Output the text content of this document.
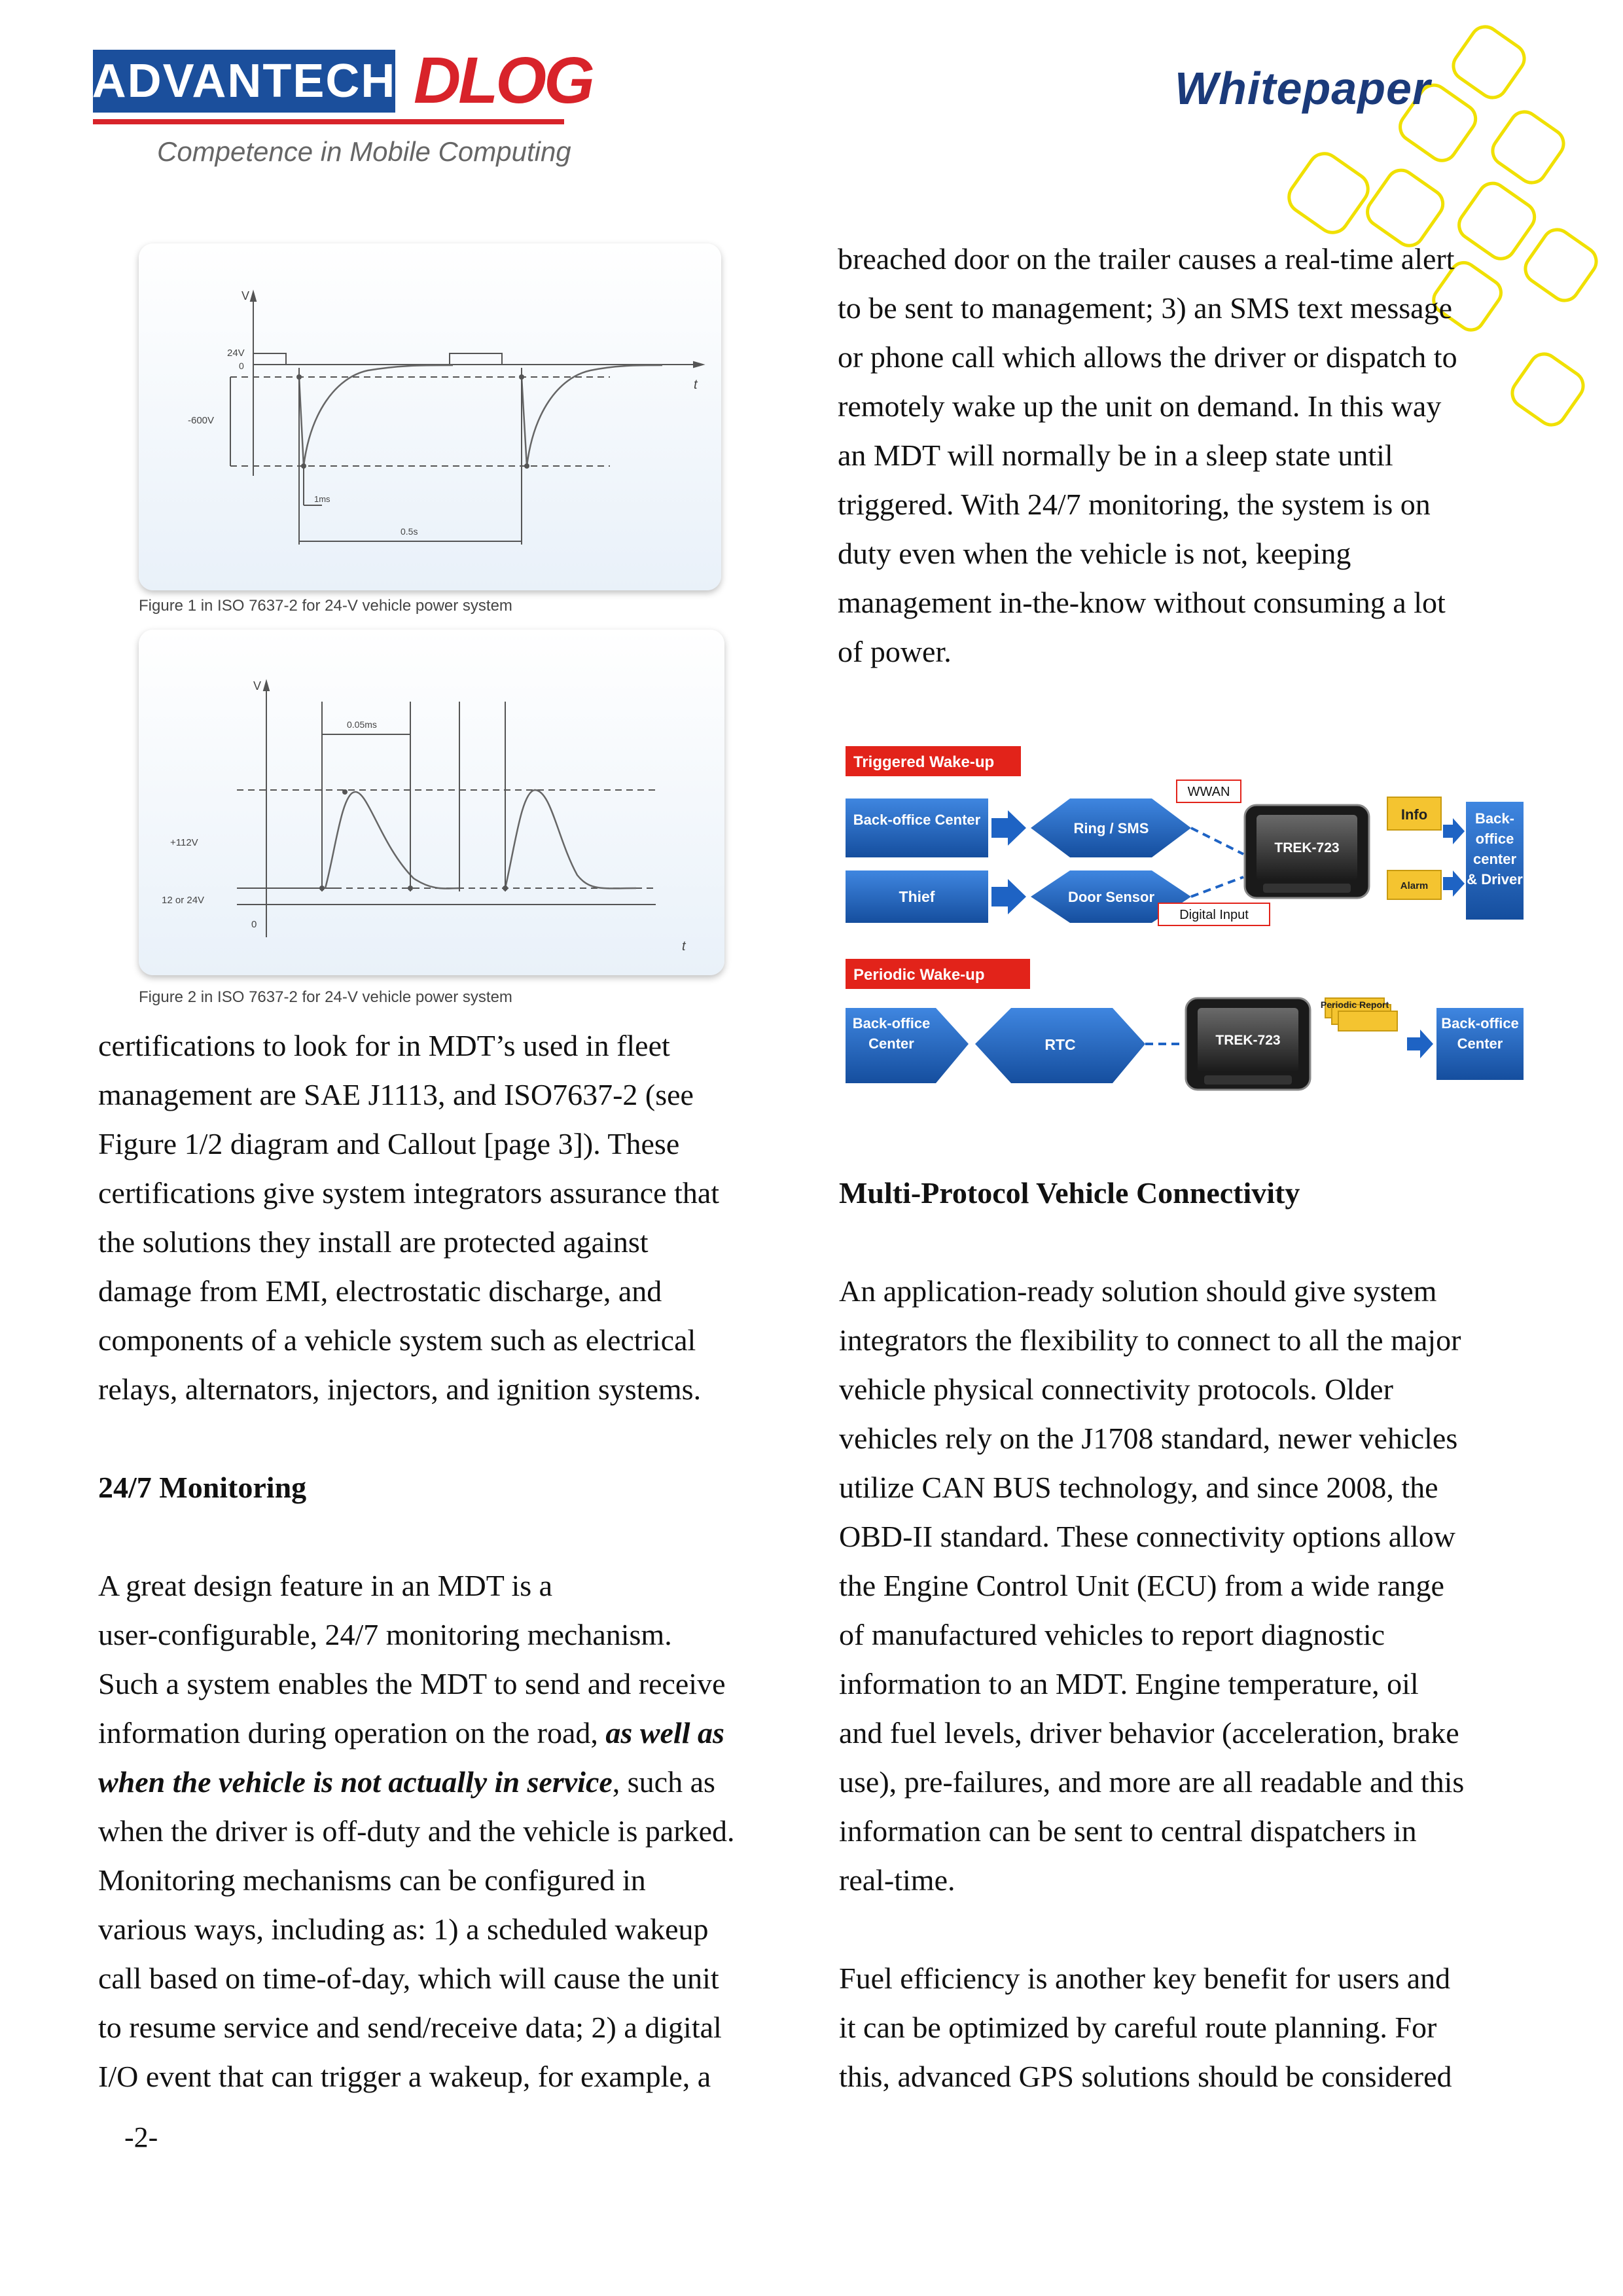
ADVANTECH DLOG
Competence in Mobile Computing
Whitepaper
V
t
24V
0
-600V
1ms
0.5s
Figure 1 in ISO 7637-2 for 24-V vehicle power system
V
t
0.05ms
+112V
12 or 24V
0
Figure 2 in ISO 7637-2 for 24-V vehicle power system

breached door on the trailer causes a real-time alert

to be sent to management; 3) an SMS text message

or phone call which allows the driver or dispatch to

remotely wake up the unit on demand. In this way

an MDT will normally be in a sleep state until

triggered. With 24/7 monitoring, the system is on

duty even when the vehicle is not, keeping

management in-the-know without consuming a lot

of power.

Triggered Wake-up
Back-office Center
Thief
Ring / SMS
Door Sensor
WWAN
Digital Input
TREK-723
Info
Alarm
Back-office center & Driver
Periodic Wake-up
Back-office Center	RTC	TREK-723
Periodic Report
Back-office Center

certifications to look for in MDT’s used in fleet

management are SAE J1113, and ISO7637-2 (see

Figure 1/2 diagram and Callout [page 3]). These

certifications give system integrators assurance that

the solutions they install are protected against

damage from EMI, electrostatic discharge, and

components of a vehicle system such as electrical

relays, alternators, injectors, and ignition systems.

24/7 Monitoring

A great design feature in an MDT is a

user-configurable, 24/7 monitoring mechanism.

Such a system enables the MDT to send and receive

information during operation on the road, as well as

when the vehicle is not actually in service, such as

when the driver is off-duty and the vehicle is parked.

Monitoring mechanisms can be configured in

various ways, including as: 1) a scheduled wakeup

call based on time-of-day, which will cause the unit

to resume service and send/receive data; 2) a digital

I/O event that can trigger a wakeup, for example, a

Multi-Protocol Vehicle Connectivity

An application-ready solution should give system

integrators the flexibility to connect to all the major

vehicle physical connectivity protocols. Older

vehicles rely on the J1708 standard, newer vehicles

utilize CAN BUS technology, and since 2008, the

OBD-II standard. These connectivity options allow

the Engine Control Unit (ECU) from a wide range

of manufactured vehicles to report diagnostic

information to an MDT. Engine temperature, oil

and fuel levels, driver behavior (acceleration, brake

use), pre-failures, and more are all readable and this

information can be sent to central dispatchers in

real-time.

Fuel efficiency is another key benefit for users and

it can be optimized by careful route planning. For

this, advanced GPS solutions should be considered

-2-
